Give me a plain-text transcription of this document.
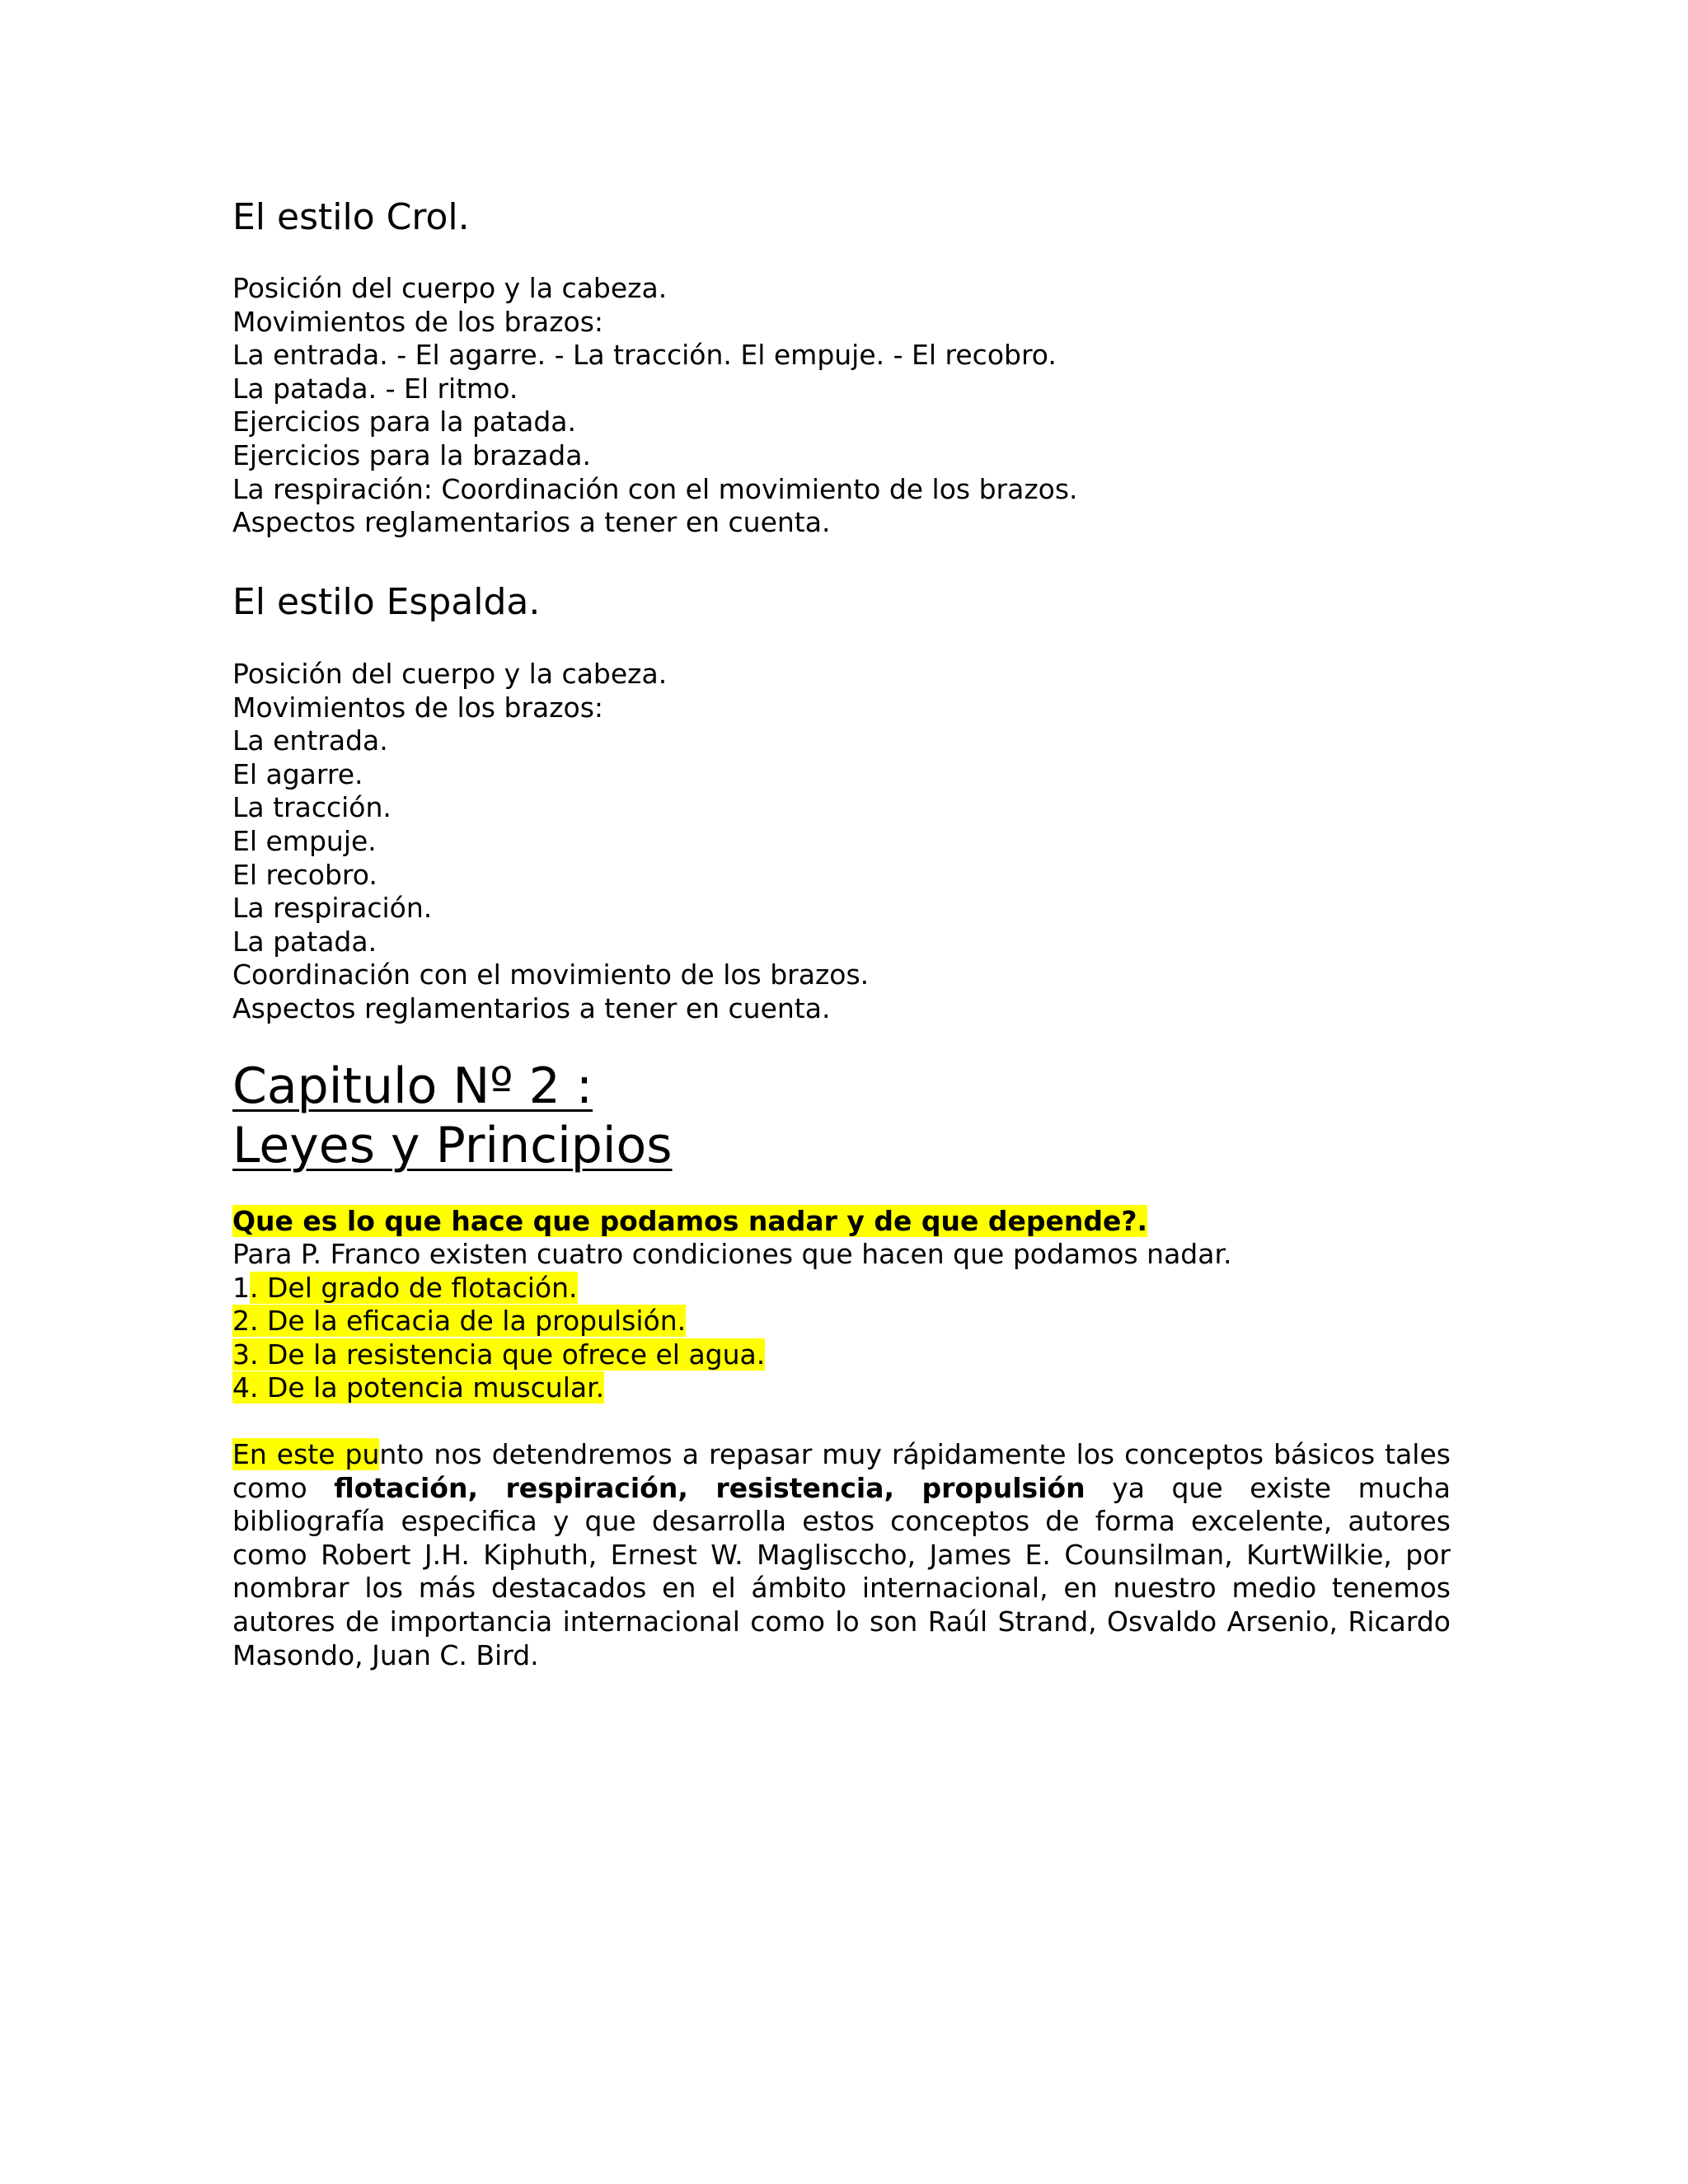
El estilo Crol.
Posición del cuerpo y la cabeza.
Movimientos de los brazos:
La entrada. - El agarre. - La tracción. El empuje. - El recobro.
La patada. - El ritmo.
Ejercicios para la patada.
Ejercicios para la brazada.
La respiración: Coordinación con el movimiento de los brazos.
Aspectos reglamentarios a tener en cuenta.
El estilo Espalda.
Posición del cuerpo y la cabeza.
Movimientos de los brazos:
La entrada.
El agarre.
La tracción.
El empuje.
El recobro.
La respiración.
La patada.
Coordinación con el movimiento de los brazos.
Aspectos reglamentarios a tener en cuenta.
Capitulo Nº 2 :
Leyes y Principios

Que es lo que hace que podamos nadar y de que depende?.

Para P. Franco existen cuatro condiciones que hacen que podamos nadar.
1. Del grado de flotación.
2. De la eficacia de la propulsión.
3. De la resistencia que ofrece el agua.
4. De la potencia muscular.

En este punto nos detendremos a repasar muy rápidamente los conceptos básicos tales como flotación, respiración, resistencia, propulsión ya que existe mucha bibliografía especifica y que desarrolla estos conceptos de forma excelente, autores como Robert J.H. Kiphuth, Ernest W. Maglisccho, James E. Counsilman, KurtWilkie, por nombrar los más destacados en el ámbito internacional, en nuestro medio tenemos autores de importancia internacional como lo son Raúl Strand, Osvaldo Arsenio, Ricardo Masondo, Juan C. Bird.
